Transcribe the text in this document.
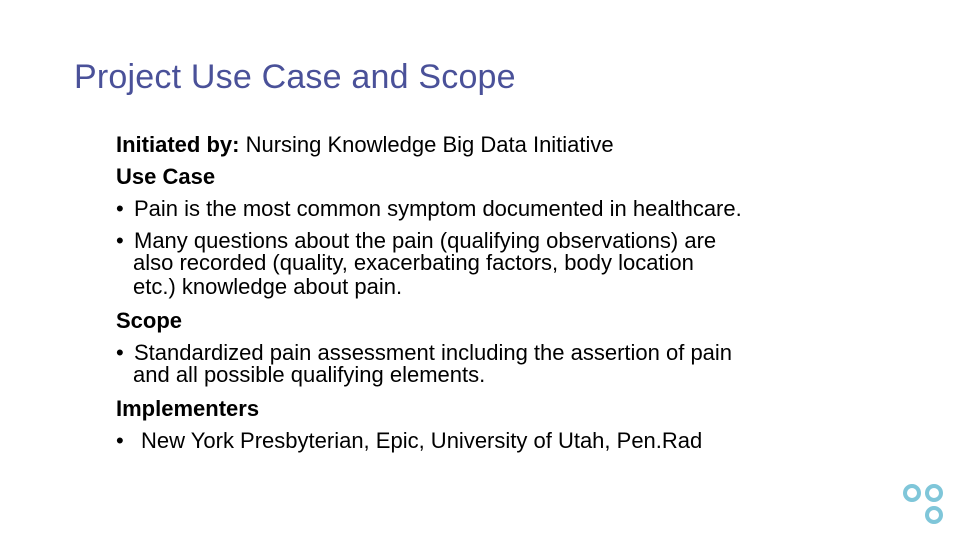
Project Use Case and Scope
Initiated by: Nursing Knowledge Big Data Initiative
Use Case
• Pain is the most common symptom documented in healthcare.
• Many questions about the pain (qualifying observations) are
also recorded (quality, exacerbating factors, body location
etc.) knowledge about pain.
Scope
• Standardized pain assessment including the assertion of pain
and all possible qualifying elements.
Implementers
• New York Presbyterian, Epic, University of Utah, Pen.Rad
